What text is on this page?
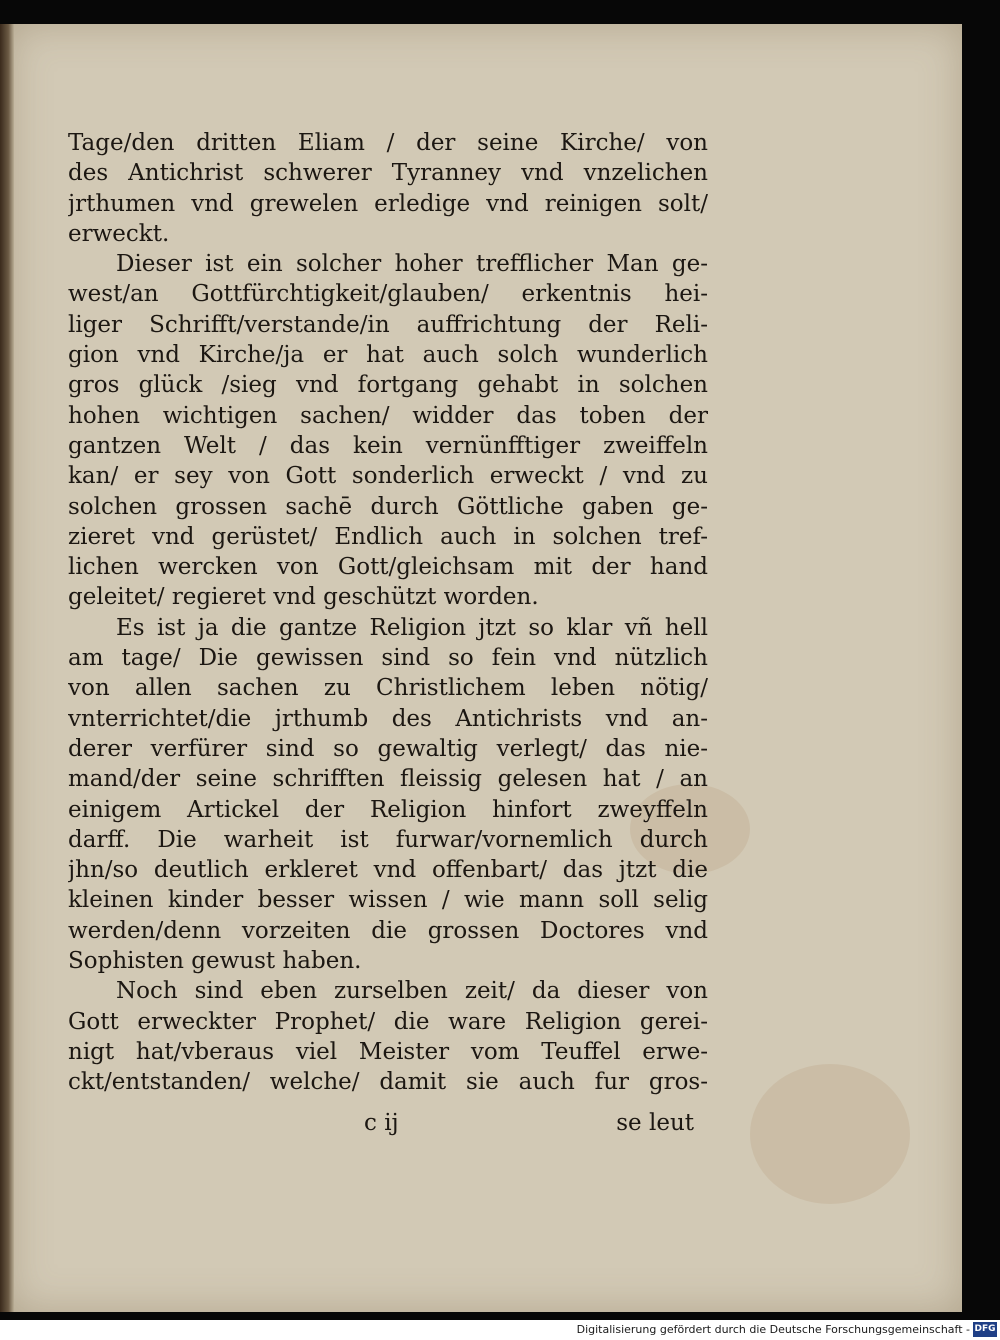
Tage/den dritten Eliam / der seine Kirche/ von
des Antichrist schwerer Tyranney vnd vnzelichen
jrthumen vnd grewelen erledige vnd reinigen solt/
erweckt.
Dieser ist ein solcher hoher trefflicher Man ge-
west/an Gottfürchtigkeit/glauben/ erkentnis hei-
liger Schrifft/verstande/in auffrichtung der Reli-
gion vnd Kirche/ja er hat auch solch wunderlich
gros glück /sieg vnd fortgang gehabt in solchen
hohen wichtigen sachen/ widder das toben der
gantzen Welt / das kein vernünfftiger zweiffeln
kan/ er sey von Gott sonderlich erweckt / vnd zu
solchen grossen sachē durch Göttliche gaben ge-
zieret vnd gerüstet/ Endlich auch in solchen tref-
lichen wercken von Gott/gleichsam mit der hand
geleitet/ regieret vnd geschützt worden.
Es ist ja die gantze Religion jtzt so klar vñ hell
am tage/ Die gewissen sind so fein vnd nützlich
von allen sachen zu Christlichem leben nötig/
vnterrichtet/die jrthumb des Antichrists vnd an-
derer verfürer sind so gewaltig verlegt/ das nie-
mand/der seine schrifften fleissig gelesen hat / an
einigem Artickel der Religion hinfort zweyffeln
darff. Die warheit ist furwar/vornemlich durch
jhn/so deutlich erkleret vnd offenbart/ das jtzt die
kleinen kinder besser wissen / wie mann soll selig
werden/denn vorzeiten die grossen Doctores vnd
Sophisten gewust haben.
Noch sind eben zurselben zeit/ da dieser von
Gott erweckter Prophet/ die ware Religion gerei-
nigt hat/vberaus viel Meister vom Teuffel erwe-
ckt/entstanden/ welche/ damit sie auch fur gros-
c ij	se leut
Digitalisierung gefördert durch die Deutsche Forschungsgemeinschaft - DFG
